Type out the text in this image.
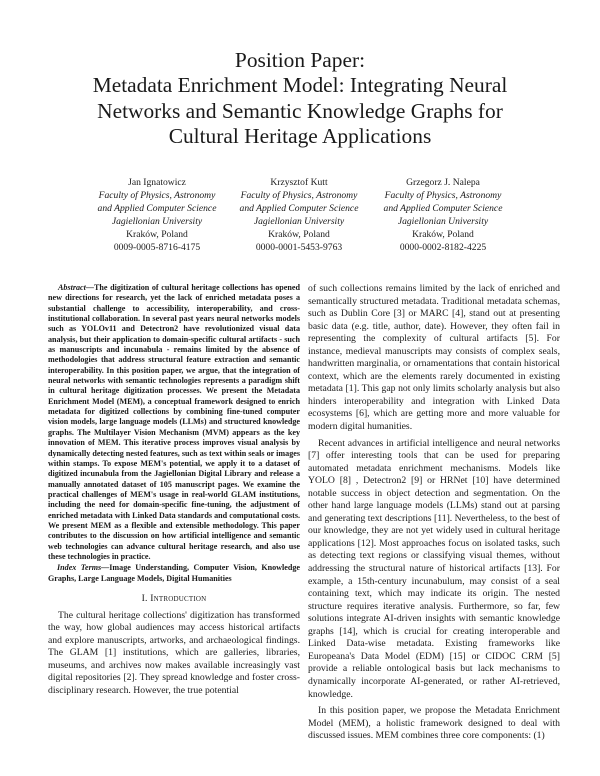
Position Paper:
Metadata Enrichment Model: Integrating Neural
Networks and Semantic Knowledge Graphs for
Cultural Heritage Applications
Jan Ignatowicz
Faculty of Physics, Astronomy
and Applied Computer Science
Jagiellonian University
Kraków, Poland
0009-0005-8716-4175
Krzysztof Kutt
Faculty of Physics, Astronomy
and Applied Computer Science
Jagiellonian University
Kraków, Poland
0000-0001-5453-9763
Grzegorz J. Nalepa
Faculty of Physics, Astronomy
and Applied Computer Science
Jagiellonian University
Kraków, Poland
0000-0002-8182-4225

Abstract—The digitization of cultural heritage collections has opened new directions for research, yet the lack of enriched metadata poses a substantial challenge to accessibility, interoperability, and cross-institutional collaboration. In several past years neural networks models such as YOLOv11 and Detectron2 have revolutionized visual data analysis, but their application to domain-specific cultural artifacts - such as manuscripts and incunabula - remains limited by the absence of methodologies that address structural feature extraction and semantic interoperability. In this position paper, we argue, that the integration of neural networks with semantic technologies represents a paradigm shift in cultural heritage digitization processes. We present the Metadata Enrichment Model (MEM), a conceptual framework designed to enrich metadata for digitized collections by combining fine-tuned computer vision models, large language models (LLMs) and structured knowledge graphs. The Multilayer Vision Mechanism (MVM) appears as the key innovation of MEM. This iterative process improves visual analysis by dynamically detecting nested features, such as text within seals or images within stamps. To expose MEM's potential, we apply it to a dataset of digitized incunabula from the Jagiellonian Digital Library and release a manually annotated dataset of 105 manuscript pages. We examine the practical challenges of MEM's usage in real-world GLAM institutions, including the need for domain-specific fine-tuning, the adjustment of enriched metadata with Linked Data standards and computational costs. We present MEM as a flexible and extensible methodology. This paper contributes to the discussion on how artificial intelligence and semantic web technologies can advance cultural heritage research, and also use these technologies in practice.

Index Terms—Image Understanding, Computer Vision, Knowledge Graphs, Large Language Models, Digital Humanities

I. Introduction

The cultural heritage collections' digitization has transformed the way, how global audiences may access historical artifacts and explore manuscripts, artworks, and archaeological findings. The GLAM [1] institutions, which are galleries, libraries, museums, and archives now makes available increasingly vast digital repositories [2]. They spread knowledge and foster cross-disciplinary research. However, the true potential

of such collections remains limited by the lack of enriched and semantically structured metadata. Traditional metadata schemas, such as Dublin Core [3] or MARC [4], stand out at presenting basic data (e.g. title, author, date). However, they often fail in representing the complexity of cultural artifacts [5]. For instance, medieval manuscripts may consists of complex seals, handwritten marginalia, or ornamentations that contain historical context, which are the elements rarely documented in existing metadata [1]. This gap not only limits scholarly analysis but also hinders interoperability and integration with Linked Data ecosystems [6], which are getting more and more valuable for modern digital humanities.

Recent advances in artificial intelligence and neural networks [7] offer interesting tools that can be used for preparing automated metadata enrichment mechanisms. Models like YOLO [8] , Detectron2 [9] or HRNet [10] have determined notable success in object detection and segmentation. On the other hand large language models (LLMs) stand out at parsing and generating text descriptions [11]. Nevertheless, to the best of our knowledge, they are not yet widely used in cultural heritage applications [12]. Most approaches focus on isolated tasks, such as detecting text regions or classifying visual themes, without addressing the structural nature of historical artifacts [13]. For example, a 15th-century incunabulum, may consist of a seal containing text, which may indicate its origin. The nested structure requires iterative analysis. Furthermore, so far, few solutions integrate AI-driven insights with semantic knowledge graphs [14], which is crucial for creating interoperable and Linked Data-wise metadata. Existing frameworks like Europeana's Data Model (EDM) [15] or CIDOC CRM [5] provide a reliable ontological basis but lack mechanisms to dynamically incorporate AI-generated, or rather AI-retrieved, knowledge.

In this position paper, we propose the Metadata Enrichment Model (MEM), a holistic framework designed to deal with discussed issues. MEM combines three core components: (1)
